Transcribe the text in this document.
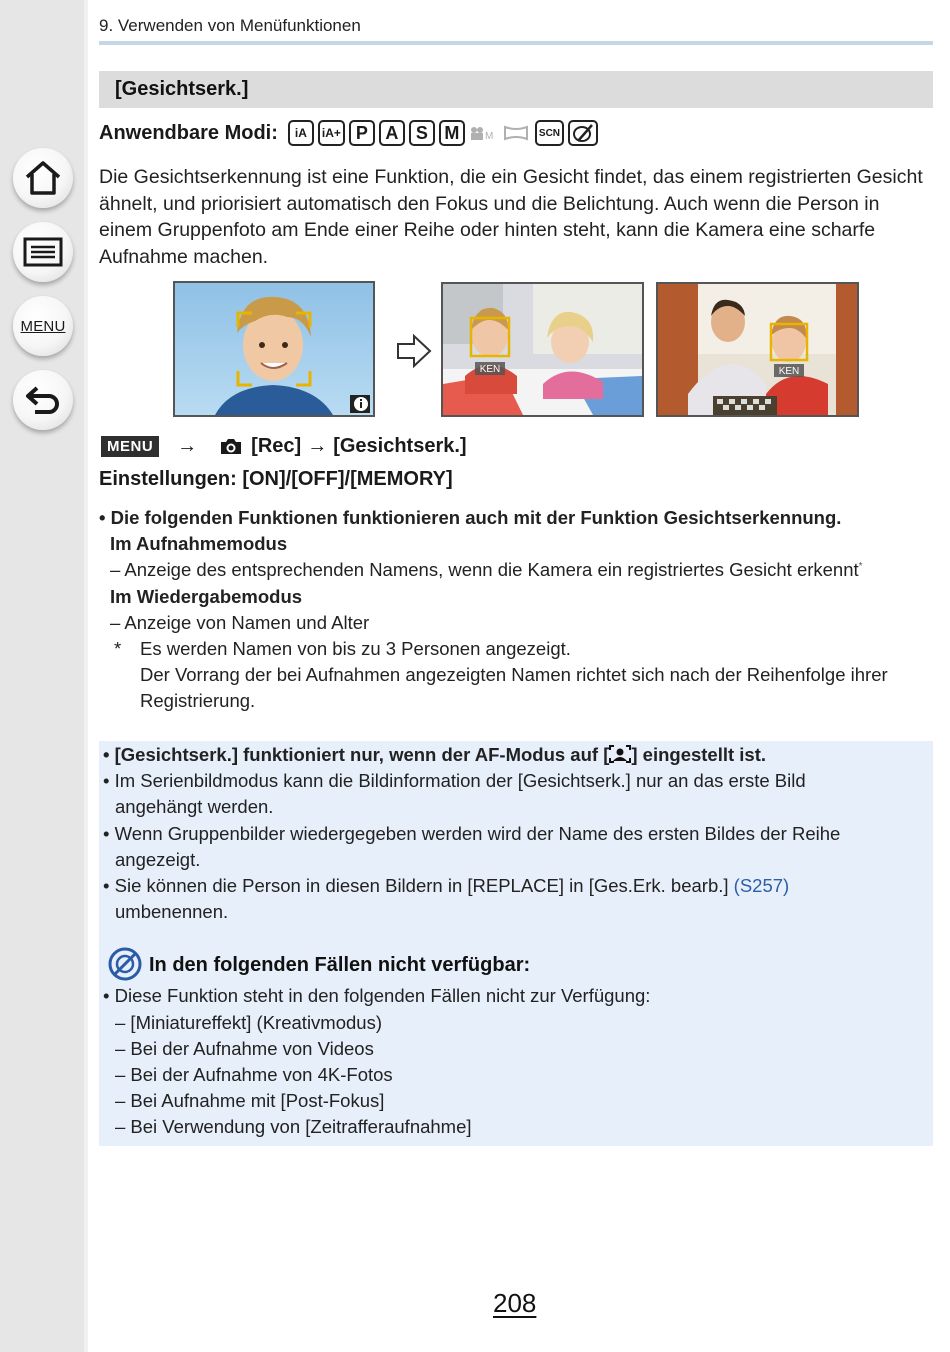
MENU
9. Verwenden von Menüfunktionen
[Gesichtserk.]
Anwendbare Modi:	iA	iA+ P A S M	M	SCN
Die Gesichtserkennung ist eine Funktion, die ein Gesicht findet, das einem registrierten Gesicht ähnelt, und priorisiert automatisch den Fokus und die Belichtung. Auch wenn die Person in einem Gruppenfoto am Ende einer Reihe oder hinten steht, kann die Kamera eine scharfe Aufnahme machen.
KEN	KEN
MENU	→	[Rec] → [Gesichtserk.]
Einstellungen: [ON]/[OFF]/[MEMORY]
• Die folgenden Funktionen funktionieren auch mit der Funktion Gesichtserkennung.
Im Aufnahmemodus
– Anzeige des entsprechenden Namens, wenn die Kamera ein registriertes Gesicht erkennt*
Im Wiedergabemodus
– Anzeige von Namen und Alter
* Es werden Namen von bis zu 3 Personen angezeigt.
Der Vorrang der bei Aufnahmen angezeigten Namen richtet sich nach der Reihenfolge ihrer
Registrierung.
• [Gesichtserk.] funktioniert nur, wenn der AF-Modus auf [ ] eingestellt ist.
• Im Serienbildmodus kann die Bildinformation der [Gesichtserk.] nur an das erste Bild
angehängt werden.
• Wenn Gruppenbilder wiedergegeben werden wird der Name des ersten Bildes der Reihe
angezeigt.
• Sie können die Person in diesen Bildern in [REPLACE] in [Ges.Erk. bearb.] (S257)
umbenennen.
In den folgenden Fällen nicht verfügbar:
• Diese Funktion steht in den folgenden Fällen nicht zur Verfügung:
– [Miniatureffekt] (Kreativmodus)
– Bei der Aufnahme von Videos
– Bei der Aufnahme von 4K-Fotos
– Bei Aufnahme mit [Post-Fokus]
– Bei Verwendung von [Zeitrafferaufnahme]
208
